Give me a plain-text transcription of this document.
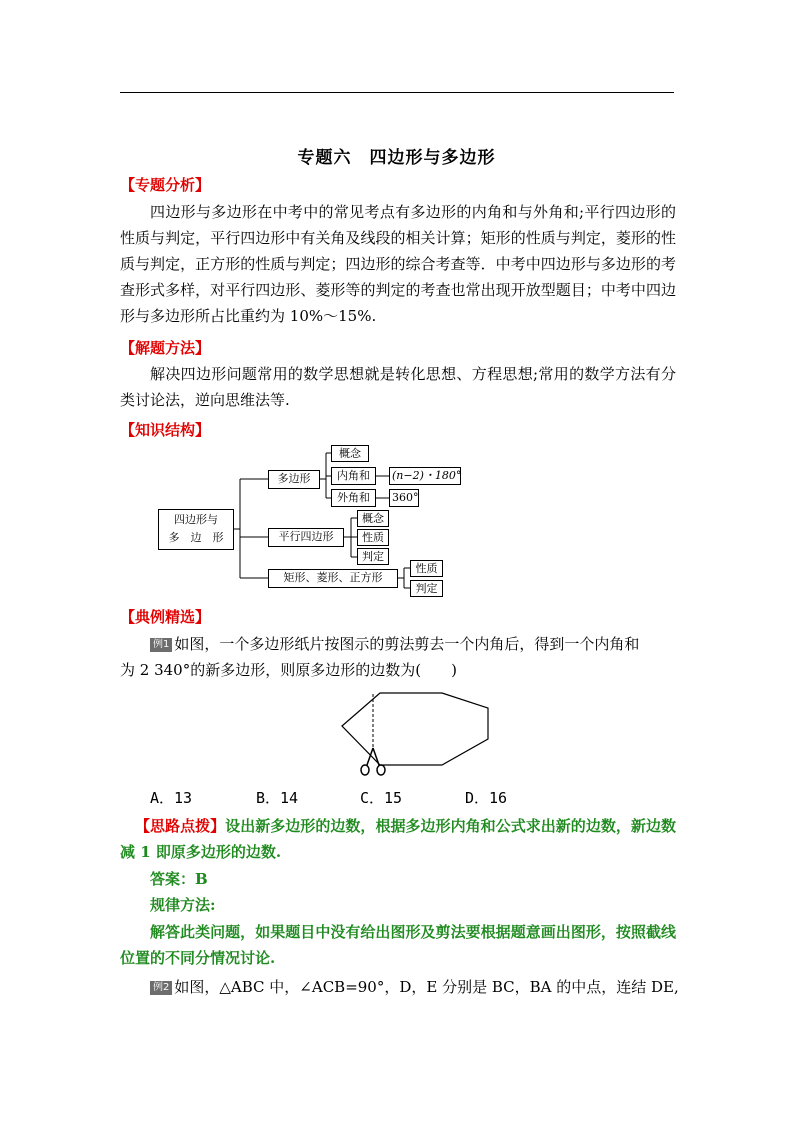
专题六　四边形与多边形
【专题分析】

四边形与多边形在中考中的常见考点有多边形的内角和与外角和;平行四边形的性质与判定，平行四边形中有关角及线段的相关计算；矩形的性质与判定，菱形的性质与判定，正方形的性质与判定；四边形的综合考查等．中考中四边形与多边形的考查形式多样，对平行四边形、菱形等的判定的考查也常出现开放型题目；中考中四边形与多边形所占比重约为 10%～15%.

【解题方法】

解决四边形问题常用的数学思想就是转化思想、方程思想;常用的数学方法有分类讨论法，逆向思维法等.

【知识结构】
四边形与
多　边　形
多边形
概念
内角和
外角和
(n−2)・180°
360°
平行四边形
概念
性质
判定
矩形、菱形、正方形
性质
判定
【典例精选】
例1 如图，一个多边形纸片按图示的剪法剪去一个内角后，得到一个内角和
为 2 340°的新多边形，则原多边形的边数为(　　)
A．13	B．14	C．15	D．16

【思路点拨】设出新多边形的边数，根据多边形内角和公式求出新的边数，新边数减 1 即原多边形的边数.

答案：B
规律方法:

解答此类问题，如果题目中没有给出图形及剪法要根据题意画出图形，按照截线位置的不同分情况讨论.

例2 如图，△ABC 中，∠ACB=90°，D，E 分别是 BC，BA 的中点，连结 DE,
